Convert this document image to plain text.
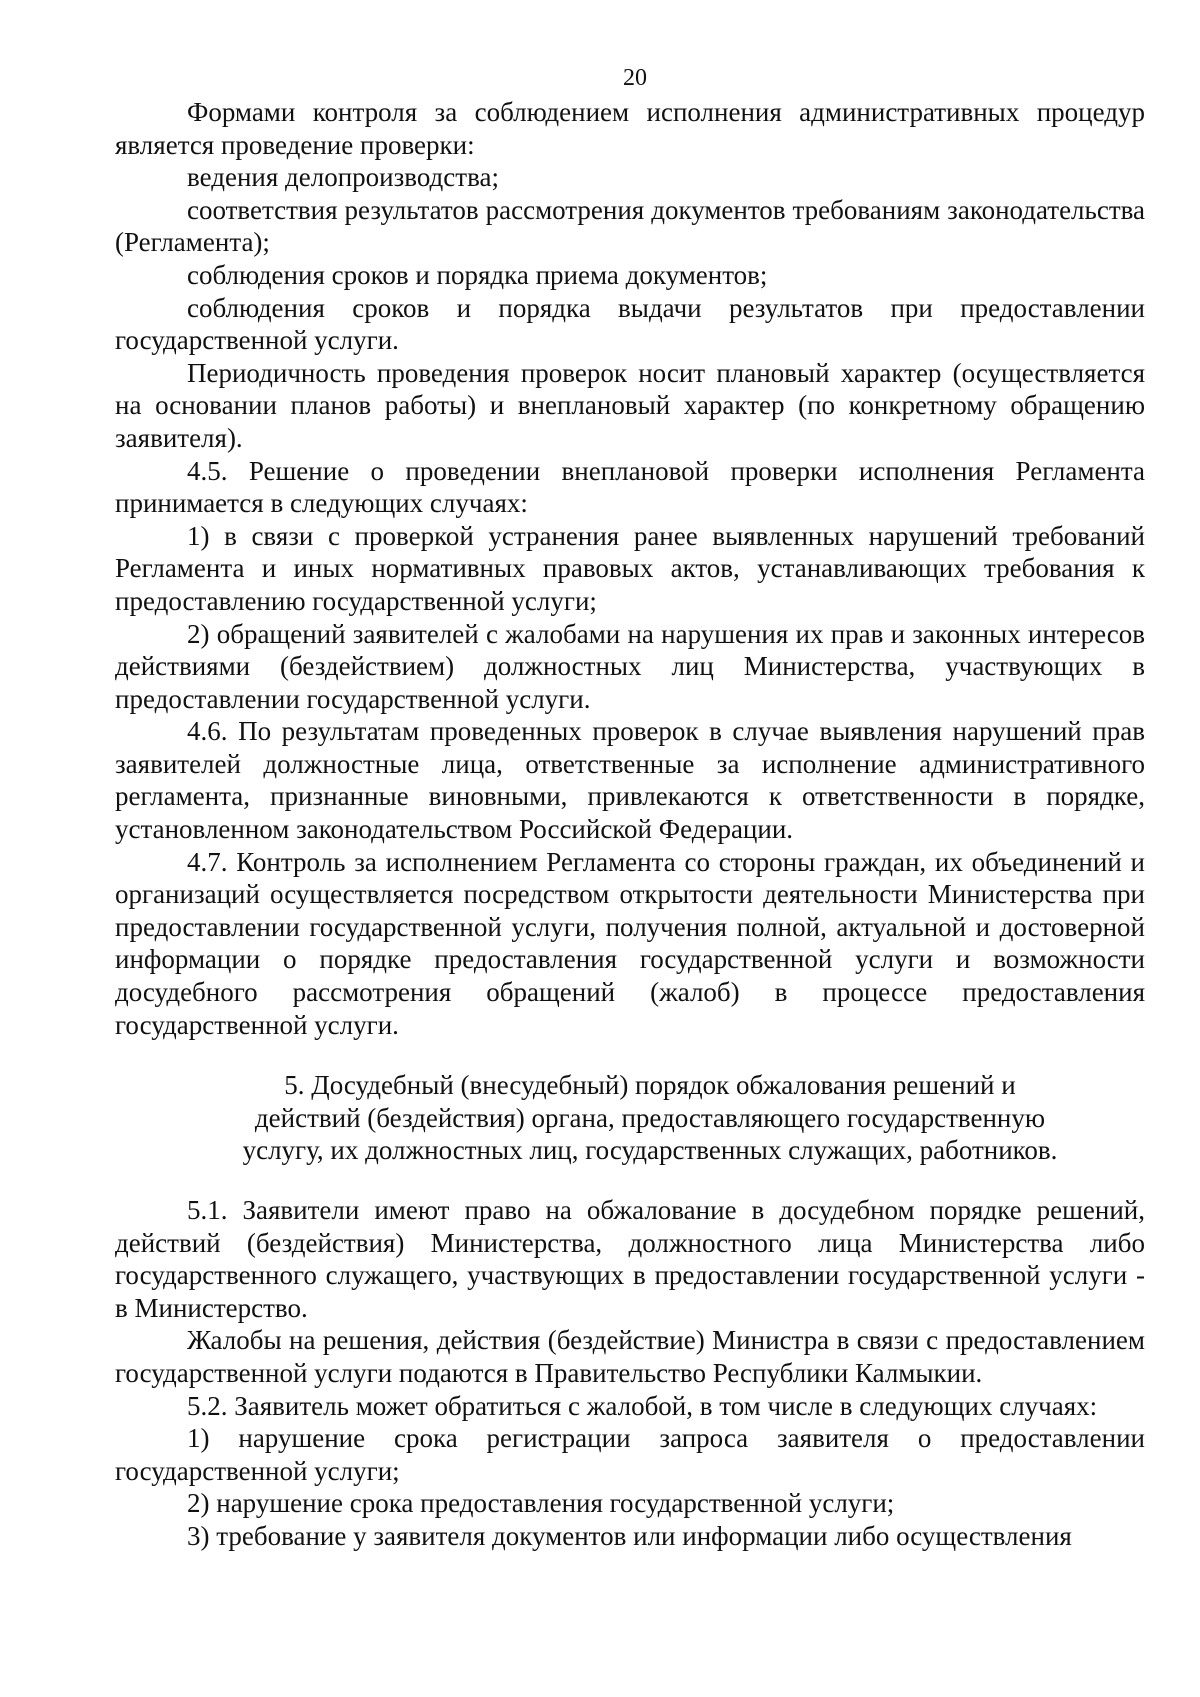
20

Формами контроля за соблюдением исполнения административных процедур является проведение проверки:

ведения делопроизводства;

соответствия результатов рассмотрения документов требованиям законодательства (Регламента);

соблюдения сроков и порядка приема документов;

соблюдения сроков и порядка выдачи результатов при предоставлении государственной услуги.

Периодичность проведения проверок носит плановый характер (осуществляется на основании планов работы) и внеплановый характер (по конкретному обращению заявителя).

4.5. Решение о проведении внеплановой проверки исполнения Регламента принимается в следующих случаях:

1) в связи с проверкой устранения ранее выявленных нарушений требований Регламента и иных нормативных правовых актов, устанавливающих требования к предоставлению государственной услуги;

2) обращений заявителей с жалобами на нарушения их прав и законных интересов действиями (бездействием) должностных лиц Министерства, участвующих в предоставлении государственной услуги.

4.6. По результатам проведенных проверок в случае выявления нарушений прав заявителей должностные лица, ответственные за исполнение административного регламента, признанные виновными, привлекаются к ответственности в порядке, установленном законодательством Российской Федерации.

4.7. Контроль за исполнением Регламента со стороны граждан, их объединений и организаций осуществляется посредством открытости деятельности Министерства при предоставлении государственной услуги, получения полной, актуальной и достоверной информации о порядке предоставления государственной услуги и возможности досудебного рассмотрения обращений (жалоб) в процессе предоставления государственной услуги.

5. Досудебный (внесудебный) порядок обжалования решений и
действий (бездействия) органа, предоставляющего государственную
услугу, их должностных лиц, государственных служащих, работников.

5.1. Заявители имеют право на обжалование в досудебном порядке решений, действий (бездействия) Министерства, должностного лица Министерства либо государственного служащего, участвующих в предоставлении государственной услуги - в Министерство.

Жалобы на решения, действия (бездействие) Министра в связи с предоставлением государственной услуги подаются в Правительство Республики Калмыкии.

5.2. Заявитель может обратиться с жалобой, в том числе в следующих случаях:

1) нарушение срока регистрации запроса заявителя о предоставлении государственной услуги;

2) нарушение срока предоставления государственной услуги;

3) требование у заявителя документов или информации либо осуществления
